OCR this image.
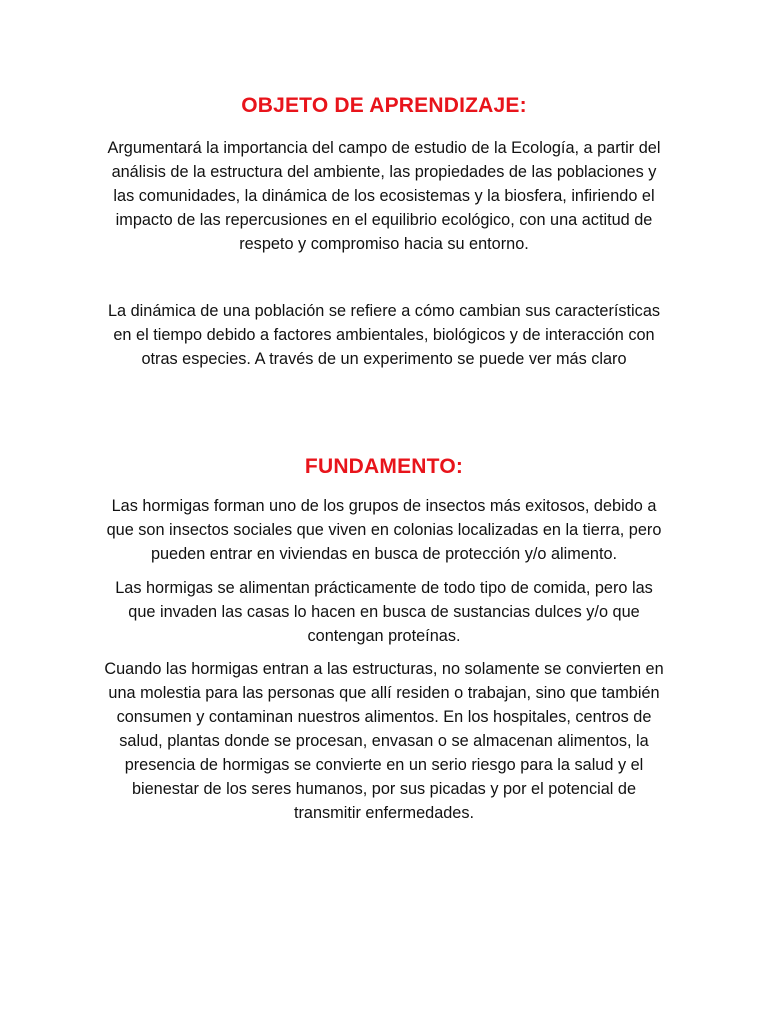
OBJETO DE APRENDIZAJE:

Argumentará la importancia del campo de estudio de la Ecología, a partir del análisis de la estructura del ambiente, las propiedades de las poblaciones y las comunidades, la dinámica de los ecosistemas y la biosfera, infiriendo el impacto de las repercusiones en el equilibrio ecológico, con una actitud de respeto y compromiso hacia su entorno.

La dinámica de una población se refiere a cómo cambian sus características en el tiempo debido a factores ambientales, biológicos y de interacción con otras especies. A través de un experimento se puede ver más claro

FUNDAMENTO:

Las hormigas forman uno de los grupos de insectos más exitosos, debido a que son insectos sociales que viven en colonias localizadas en la tierra, pero pueden entrar en viviendas en busca de protección y/o alimento.

Las hormigas se alimentan prácticamente de todo tipo de comida, pero las que invaden las casas lo hacen en busca de sustancias dulces y/o que contengan proteínas.

Cuando las hormigas entran a las estructuras, no solamente se convierten en una molestia para las personas que allí residen o trabajan, sino que también consumen y contaminan nuestros alimentos. En los hospitales, centros de salud, plantas donde se procesan, envasan o se almacenan alimentos, la presencia de hormigas se convierte en un serio riesgo para la salud y el bienestar de los seres humanos, por sus picadas y por el potencial de transmitir enfermedades.
